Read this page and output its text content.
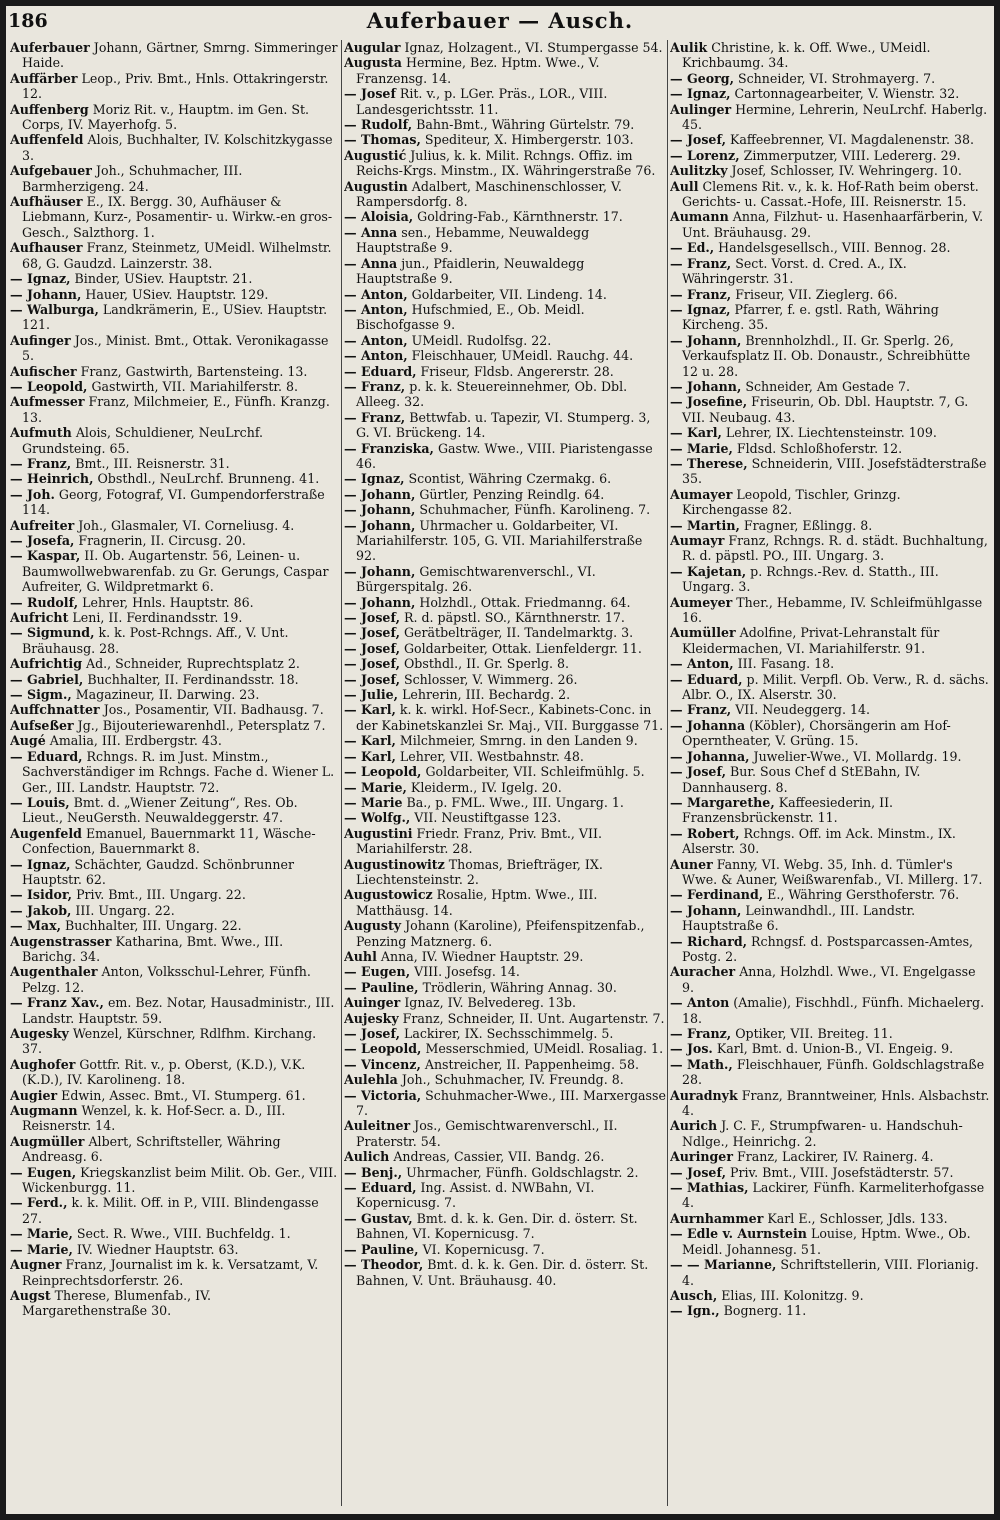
186	Auferbauer — Ausch.

Auferbauer Johann, Gärtner, Smrng. Simmeringer Haide.

Auffärber Leop., Priv. Bmt., Hnls. Ottakringerstr. 12.

Auffenberg Moriz Rit. v., Hauptm. im Gen. St. Corps, IV. Mayerhofg. 5.

Auffenfeld Alois, Buchhalter, IV. Kolschitzkygasse 3.

Aufgebauer Joh., Schuhmacher, III. Barmherzigeng. 24.

Aufhäuser E., IX. Bergg. 30, Aufhäuser & Liebmann, Kurz-, Posamentir- u. Wirkw.-en gros-Gesch., Salzthorg. 1.

Aufhauser Franz, Steinmetz, UMeidl. Wilhelmstr. 68, G. Gaudzd. Lainzerstr. 38.

— Ignaz, Binder, USiev. Hauptstr. 21.

— Johann, Hauer, USiev. Hauptstr. 129.

— Walburga, Landkrämerin, E., USiev. Hauptstr. 121.

Aufinger Jos., Minist. Bmt., Ottak. Veronikagasse 5.

Aufischer Franz, Gastwirth, Bartensteing. 13.

— Leopold, Gastwirth, VII. Mariahilferstr. 8.

Aufmesser Franz, Milchmeier, E., Fünfh. Kranzg. 13.

Aufmuth Alois, Schuldiener, NeuLrchf. Grundsteing. 65.

— Franz, Bmt., III. Reisnerstr. 31.

— Heinrich, Obsthdl., NeuLrchf. Brunneng. 41.

— Joh. Georg, Fotograf, VI. Gumpendorferstraße 114.

Aufreiter Joh., Glasmaler, VI. Corneliusg. 4.

— Josefa, Fragnerin, II. Circusg. 20.

— Kaspar, II. Ob. Augartenstr. 56, Leinen- u. Baumwollwebwarenfab. zu Gr. Gerungs, Caspar Aufreiter, G. Wildpretmarkt 6.

— Rudolf, Lehrer, Hnls. Hauptstr. 86.

Aufricht Leni, II. Ferdinandsstr. 19.

— Sigmund, k. k. Post-Rchngs. Aff., V. Unt. Bräuhausg. 28.

Aufrichtig Ad., Schneider, Ruprechtsplatz 2.

— Gabriel, Buchhalter, II. Ferdinandsstr. 18.

— Sigm., Magazineur, II. Darwing. 23.

Auffchnatter Jos., Posamentir, VII. Badhausg. 7.

Aufseßer Jg., Bijouteriewarenhdl., Petersplatz 7.

Augé Amalia, III. Erdbergstr. 43.

— Eduard, Rchngs. R. im Just. Minstm., Sachverständiger im Rchngs. Fache d. Wiener L. Ger., III. Landstr. Hauptstr. 72.

— Louis, Bmt. d. „Wiener Zeitung“, Res. Ob. Lieut., NeuGersth. Neuwaldeggerstr. 47.

Augenfeld Emanuel, Bauernmarkt 11, Wäsche-Confection, Bauernmarkt 8.

— Ignaz, Schächter, Gaudzd. Schönbrunner Hauptstr. 62.

— Isidor, Priv. Bmt., III. Ungarg. 22.

— Jakob, III. Ungarg. 22.

— Max, Buchhalter, III. Ungarg. 22.

Augenstrasser Katharina, Bmt. Wwe., III. Barichg. 34.

Augenthaler Anton, Volksschul-Lehrer, Fünfh. Pelzg. 12.

— Franz Xav., em. Bez. Notar, Hausadministr., III. Landstr. Hauptstr. 59.

Augesky Wenzel, Kürschner, Rdlfhm. Kirchang. 37.

Aughofer Gottfr. Rit. v., p. Oberst, (K.D.), V.K. (K.D.), IV. Karolineng. 18.

Augier Edwin, Assec. Bmt., VI. Stumperg. 61.

Augmann Wenzel, k. k. Hof-Secr. a. D., III. Reisnerstr. 14.

Augmüller Albert, Schriftsteller, Währing Andreasg. 6.

— Eugen, Kriegskanzlist beim Milit. Ob. Ger., VIII. Wickenburgg. 11.

— Ferd., k. k. Milit. Off. in P., VIII. Blindengasse 27.

— Marie, Sect. R. Wwe., VIII. Buchfeldg. 1.

— Marie, IV. Wiedner Hauptstr. 63.

Augner Franz, Journalist im k. k. Versatzamt, V. Reinprechtsdorferstr. 26.

Augst Therese, Blumenfab., IV. Margarethenstraße 30.

Augular Ignaz, Holzagent., VI. Stumpergasse 54.

Augusta Hermine, Bez. Hptm. Wwe., V. Franzensg. 14.

— Josef Rit. v., p. LGer. Präs., LOR., VIII. Landesgerichtsstr. 11.

— Rudolf, Bahn-Bmt., Währing Gürtelstr. 79.

— Thomas, Spediteur, X. Himbergerstr. 103.

Augustić Julius, k. k. Milit. Rchngs. Offiz. im Reichs-Krgs. Minstm., IX. Währingerstraße 76.

Augustin Adalbert, Maschinenschlosser, V. Rampersdorfg. 8.

— Aloisia, Goldring-Fab., Kärnthnerstr. 17.

— Anna sen., Hebamme, Neuwaldegg Hauptstraße 9.

— Anna jun., Pfaidlerin, Neuwaldegg Hauptstraße 9.

— Anton, Goldarbeiter, VII. Lindeng. 14.

— Anton, Hufschmied, E., Ob. Meidl. Bischofgasse 9.

— Anton, UMeidl. Rudolfsg. 22.

— Anton, Fleischhauer, UMeidl. Rauchg. 44.

— Eduard, Friseur, Fldsb. Angererstr. 28.

— Franz, p. k. k. Steuereinnehmer, Ob. Dbl. Alleeg. 32.

— Franz, Bettwfab. u. Tapezir, VI. Stumperg. 3, G. VI. Brückeng. 14.

— Franziska, Gastw. Wwe., VIII. Piaristengasse 46.

— Ignaz, Scontist, Währing Czermakg. 6.

— Johann, Gürtler, Penzing Reindlg. 64.

— Johann, Schuhmacher, Fünfh. Karolineng. 7.

— Johann, Uhrmacher u. Goldarbeiter, VI. Mariahilferstr. 105, G. VII. Mariahilferstraße 92.

— Johann, Gemischtwarenverschl., VI. Bürgerspitalg. 26.

— Johann, Holzhdl., Ottak. Friedmanng. 64.

— Josef, R. d. päpstl. SO., Kärnthnerstr. 17.

— Josef, Gerätbelträger, II. Tandelmarktg. 3.

— Josef, Goldarbeiter, Ottak. Lienfeldergr. 11.

— Josef, Obsthdl., II. Gr. Sperlg. 8.

— Josef, Schlosser, V. Wimmerg. 26.

— Julie, Lehrerin, III. Bechardg. 2.

— Karl, k. k. wirkl. Hof-Secr., Kabinets-Conc. in der Kabinetskanzlei Sr. Maj., VII. Burggasse 71.

— Karl, Milchmeier, Smrng. in den Landen 9.

— Karl, Lehrer, VII. Westbahnstr. 48.

— Leopold, Goldarbeiter, VII. Schleifmühlg. 5.

— Marie, Kleiderm., IV. Igelg. 20.

— Marie Ba., p. FML. Wwe., III. Ungarg. 1.

— Wolfg., VII. Neustiftgasse 123.

Augustini Friedr. Franz, Priv. Bmt., VII. Mariahilferstr. 28.

Augustinowitz Thomas, Briefträger, IX. Liechtensteinstr. 2.

Augustowicz Rosalie, Hptm. Wwe., III. Matthäusg. 14.

Augusty Johann (Karoline), Pfeifenspitzenfab., Penzing Matznerg. 6.

Auhl Anna, IV. Wiedner Hauptstr. 29.

— Eugen, VIII. Josefsg. 14.

— Pauline, Trödlerin, Währing Annag. 30.

Auinger Ignaz, IV. Belvedereg. 13b.

Aujesky Franz, Schneider, II. Unt. Augartenstr. 7.

— Josef, Lackirer, IX. Sechsschimmelg. 5.

— Leopold, Messerschmied, UMeidl. Rosaliag. 1.

— Vincenz, Anstreicher, II. Pappenheimg. 58.

Aulehla Joh., Schuhmacher, IV. Freundg. 8.

— Victoria, Schuhmacher-Wwe., III. Marxergasse 7.

Auleitner Jos., Gemischtwarenverschl., II. Praterstr. 54.

Aulich Andreas, Cassier, VII. Bandg. 26.

— Benj., Uhrmacher, Fünfh. Goldschlagstr. 2.

— Eduard, Ing. Assist. d. NWBahn, VI. Kopernicusg. 7.

— Gustav, Bmt. d. k. k. Gen. Dir. d. österr. St. Bahnen, VI. Kopernicusg. 7.

— Pauline, VI. Kopernicusg. 7.

— Theodor, Bmt. d. k. k. Gen. Dir. d. österr. St. Bahnen, V. Unt. Bräuhausg. 40.

Aulik Christine, k. k. Off. Wwe., UMeidl. Krichbaumg. 34.

— Georg, Schneider, VI. Strohmayerg. 7.

— Ignaz, Cartonnagearbeiter, V. Wienstr. 32.

Aulinger Hermine, Lehrerin, NeuLrchf. Haberlg. 45.

— Josef, Kaffeebrenner, VI. Magdalenenstr. 38.

— Lorenz, Zimmerputzer, VIII. Ledererg. 29.

Aulitzky Josef, Schlosser, IV. Wehringerg. 10.

Aull Clemens Rit. v., k. k. Hof-Rath beim oberst. Gerichts- u. Cassat.-Hofe, III. Reisnerstr. 15.

Aumann Anna, Filzhut- u. Hasenhaarfärberin, V. Unt. Bräuhausg. 29.

— Ed., Handelsgesellsch., VIII. Bennog. 28.

— Franz, Sect. Vorst. d. Cred. A., IX. Währingerstr. 31.

— Franz, Friseur, VII. Zieglerg. 66.

— Ignaz, Pfarrer, f. e. gstl. Rath, Währing Kircheng. 35.

— Johann, Brennholzhdl., II. Gr. Sperlg. 26, Verkaufsplatz II. Ob. Donaustr., Schreibhütte 12 u. 28.

— Johann, Schneider, Am Gestade 7.

— Josefine, Friseurin, Ob. Dbl. Hauptstr. 7, G. VII. Neubaug. 43.

— Karl, Lehrer, IX. Liechtensteinstr. 109.

— Marie, Fldsd. Schloßhoferstr. 12.

— Therese, Schneiderin, VIII. Josefstädterstraße 35.

Aumayer Leopold, Tischler, Grinzg. Kirchengasse 82.

— Martin, Fragner, Eßlingg. 8.

Aumayr Franz, Rchngs. R. d. städt. Buchhaltung, R. d. päpstl. PO., III. Ungarg. 3.

— Kajetan, p. Rchngs.-Rev. d. Statth., III. Ungarg. 3.

Aumeyer Ther., Hebamme, IV. Schleifmühlgasse 16.

Aumüller Adolfine, Privat-Lehranstalt für Kleidermachen, VI. Mariahilferstr. 91.

— Anton, III. Fasang. 18.

— Eduard, p. Milit. Verpfl. Ob. Verw., R. d. sächs. Albr. O., IX. Alserstr. 30.

— Franz, VII. Neudeggerg. 14.

— Johanna (Köbler), Chorsängerin am Hof-Operntheater, V. Grüng. 15.

— Johanna, Juwelier-Wwe., VI. Mollardg. 19.

— Josef, Bur. Sous Chef d StEBahn, IV. Dannhauserg. 8.

— Margarethe, Kaffeesiederin, II. Franzensbrückenstr. 11.

— Robert, Rchngs. Off. im Ack. Minstm., IX. Alserstr. 30.

Auner Fanny, VI. Webg. 35, Inh. d. Tümler's Wwe. & Auner, Weißwarenfab., VI. Millerg. 17.

— Ferdinand, E., Währing Gersthoferstr. 76.

— Johann, Leinwandhdl., III. Landstr. Hauptstraße 6.

— Richard, Rchngsf. d. Postsparcassen-Amtes, Postg. 2.

Auracher Anna, Holzhdl. Wwe., VI. Engelgasse 9.

— Anton (Amalie), Fischhdl., Fünfh. Michaelerg. 18.

— Franz, Optiker, VII. Breiteg. 11.

— Jos. Karl, Bmt. d. Union-B., VI. Engeig. 9.

— Math., Fleischhauer, Fünfh. Goldschlagstraße 28.

Auradnyk Franz, Branntweiner, Hnls. Alsbachstr. 4.

Aurich J. C. F., Strumpfwaren- u. Handschuh-Ndlge., Heinrichg. 2.

Auringer Franz, Lackirer, IV. Rainerg. 4.

— Josef, Priv. Bmt., VIII. Josefstädterstr. 57.

— Mathias, Lackirer, Fünfh. Karmeliterhofgasse 4.

Aurnhammer Karl E., Schlosser, Jdls. 133.

— Edle v. Aurnstein Louise, Hptm. Wwe., Ob. Meidl. Johannesg. 51.

— — Marianne, Schriftstellerin, VIII. Florianig. 4.

Ausch, Elias, III. Kolonitzg. 9.

— Ign., Bognerg. 11.
